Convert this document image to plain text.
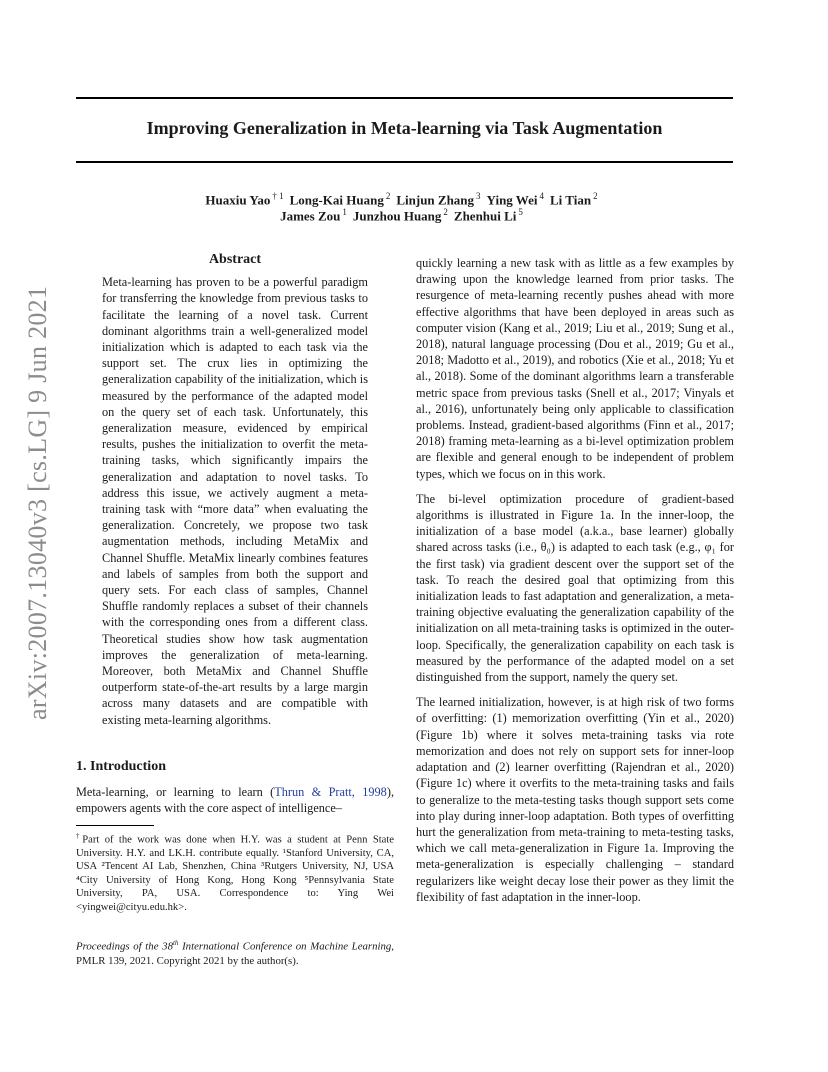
Improving Generalization in Meta-learning via Task Augmentation
Huaxiu Yao $^{\dagger 1}$ Long-Kai Huang $^2$ Linjun Zhang $^3$ Ying Wei $^4$ Li Tian $^2$
James Zou $^1$ Junzhou Huang $^2$ Zhenhui Li $^5$
arXiv:2007.13040v3 [cs.LG] 9 Jun 2021
Abstract
Meta-learning has proven to be a powerful paradigm for transferring the knowledge from previous tasks to facilitate the learning of a novel task. Current dominant algorithms train a well-generalized model initialization which is adapted to each task via the support set. The crux lies in optimizing the generalization capability of the initialization, which is measured by the performance of the adapted model on the query set of each task. Unfortunately, this generalization measure, evidenced by empirical results, pushes the initialization to overfit the meta-training tasks, which significantly impairs the generalization and adaptation to novel tasks. To address this issue, we actively augment a meta-training task with “more data” when evaluating the generalization. Concretely, we propose two task augmentation methods, including MetaMix and Channel Shuffle. MetaMix linearly combines features and labels of samples from both the support and query sets. For each class of samples, Channel Shuffle randomly replaces a subset of their channels with the corresponding ones from a different class. Theoretical studies show how task augmentation improves the generalization of meta-learning. Moreover, both MetaMix and Channel Shuffle outperform state-of-the-art results by a large margin across many datasets and are compatible with existing meta-learning algorithms.
1. Introduction

Meta-learning, or learning to learn (Thrun & Pratt, 1998), empowers agents with the core aspect of intelligence–

†Part of the work was done when H.Y. was a student at Penn State University. H.Y. and LK.H. contribute equally. ¹Stanford University, CA, USA ²Tencent AI Lab, Shenzhen, China ³Rutgers University, NJ, USA ⁴City University of Hong Kong, Hong Kong ⁵Pennsylvania State University, PA, USA. Correspondence to: Ying Wei <yingwei@cityu.edu.hk>.
Proceedings of the 38th International Conference on Machine Learning, PMLR 139, 2021. Copyright 2021 by the author(s).

quickly learning a new task with as little as a few examples by drawing upon the knowledge learned from prior tasks. The resurgence of meta-learning recently pushes ahead with more effective algorithms that have been deployed in areas such as computer vision (Kang et al., 2019; Liu et al., 2019; Sung et al., 2018), natural language processing (Dou et al., 2019; Gu et al., 2018; Madotto et al., 2019), and robotics (Xie et al., 2018; Yu et al., 2018). Some of the dominant algorithms learn a transferable metric space from previous tasks (Snell et al., 2017; Vinyals et al., 2016), unfortunately being only applicable to classification problems. Instead, gradient-based algorithms (Finn et al., 2017; 2018) framing meta-learning as a bi-level optimization problem are flexible and general enough to be independent of problem types, which we focus on in this work.

The bi-level optimization procedure of gradient-based algorithms is illustrated in Figure 1a. In the inner-loop, the initialization of a base model (a.k.a., base learner) globally shared across tasks (i.e., θ₀) is adapted to each task (e.g., φ₁ for the first task) via gradient descent over the support set of the task. To reach the desired goal that optimizing from this initialization leads to fast adaptation and generalization, a meta-training objective evaluating the generalization capability of the initialization on all meta-training tasks is optimized in the outer-loop. Specifically, the generalization capability on each task is measured by the performance of the adapted model on a set distinguished from the support, namely the query set.

The learned initialization, however, is at high risk of two forms of overfitting: (1) memorization overfitting (Yin et al., 2020) (Figure 1b) where it solves meta-training tasks via rote memorization and does not rely on support sets for inner-loop adaptation and (2) learner overfitting (Rajendran et al., 2020) (Figure 1c) where it overfits to the meta-training tasks and fails to generalize to the meta-testing tasks though support sets come into play during inner-loop adaptation. Both types of overfitting hurt the generalization from meta-training to meta-testing tasks, which we call meta-generalization in Figure 1a. Improving the meta-generalization is especially challenging – standard regularizers like weight decay lose their power as they limit the flexibility of fast adaptation in the inner-loop.
